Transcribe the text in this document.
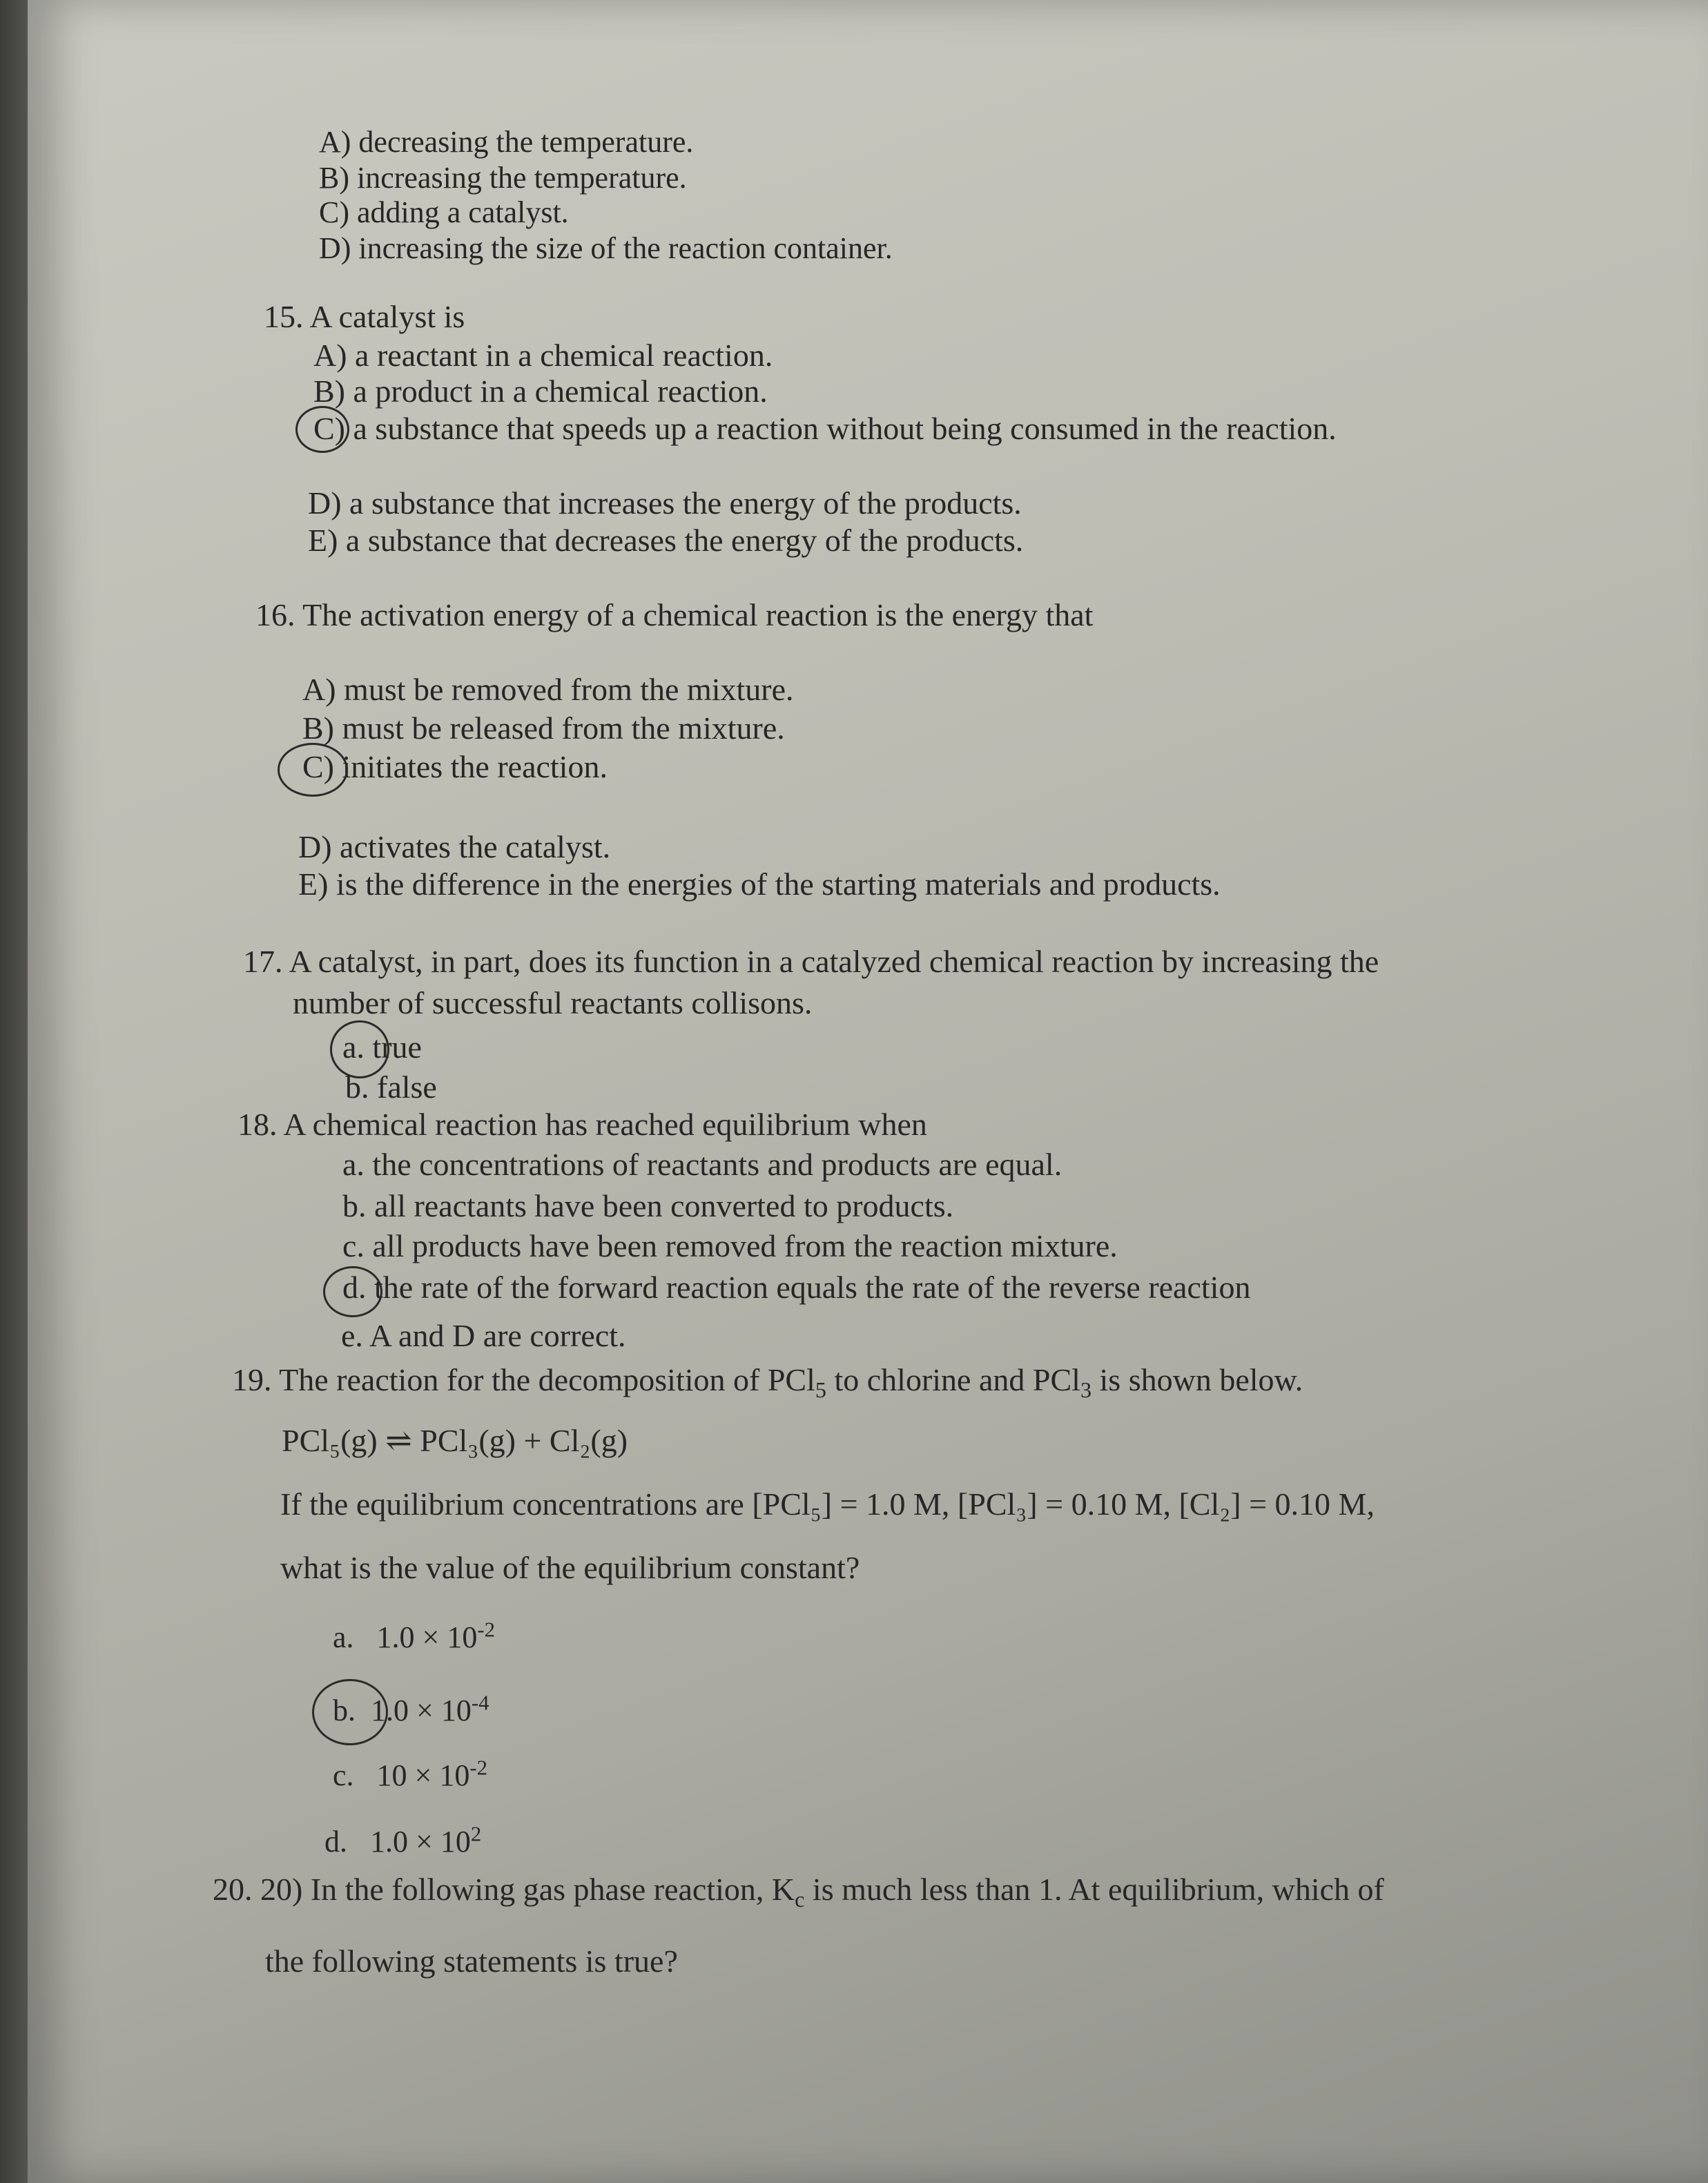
A) decreasing the temperature.
B) increasing the temperature.
C) adding a catalyst.
D) increasing the size of the reaction container.
15. A catalyst is
A) a reactant in a chemical reaction.
B) a product in a chemical reaction.
C) a substance that speeds up a reaction without being consumed in the reaction.
D) a substance that increases the energy of the products.
E) a substance that decreases the energy of the products.
16. The activation energy of a chemical reaction is the energy that
A) must be removed from the mixture.
B) must be released from the mixture.
C) initiates the reaction.
D) activates the catalyst.
E) is the difference in the energies of the starting materials and products.
17. A catalyst, in part, does its function in a catalyzed chemical reaction by increasing the
number of successful reactants collisons.
a. true
b. false
18. A chemical reaction has reached equilibrium when
a. the concentrations of reactants and products are equal.
b. all reactants have been converted to products.
c. all products have been removed from the reaction mixture.
d. the rate of the forward reaction equals the rate of the reverse reaction
e. A and D are correct.
19. The reaction for the decomposition of PCl$_5$ to chlorine and PCl$_3$ is shown below.
PCl₅(g) ⇌ PCl₃(g) + Cl₂(g)
If the equilibrium concentrations are [PCl₅] = 1.0 M, [PCl₃] = 0.10 M, [Cl₂] = 0.10 M,
what is the value of the equilibrium constant?
a. $1.0 \times 10^{-2}$
b. $1.0 \times 10^{-4}$
c. $10 \times 10^{-2}$
d. $1.0 \times 10^2$
20. 20) In the following gas phase reaction, $K_c$ is much less than 1. At equilibrium, which of
the following statements is true?
